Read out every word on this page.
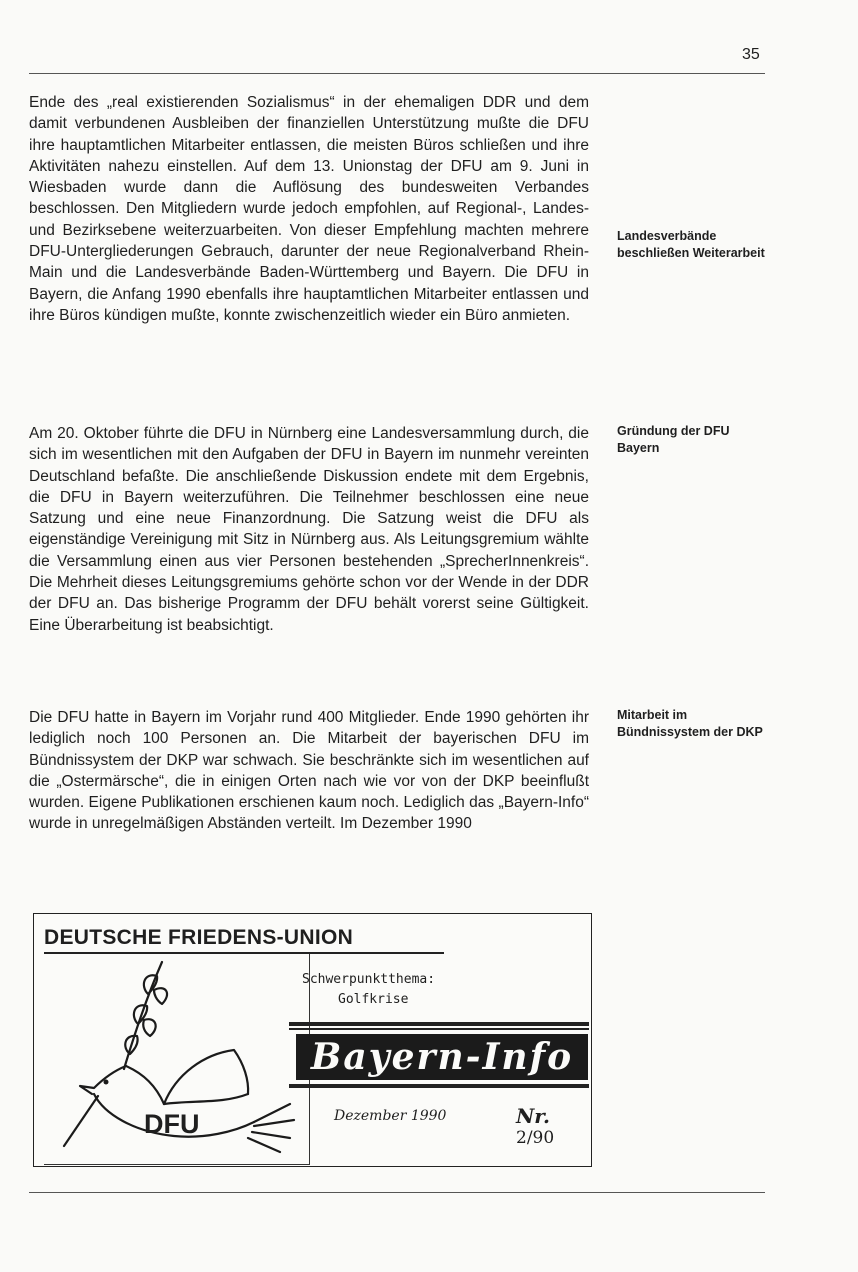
35

Ende des „real existierenden Sozialismus“ in der ehemaligen DDR und dem damit verbundenen Ausbleiben der finanziellen Unterstützung mußte die DFU ihre hauptamtlichen Mitarbeiter entlassen, die meisten Büros schließen und ihre Aktivitäten nahezu einstellen. Auf dem 13. Unionstag der DFU am 9. Juni in Wiesbaden wurde dann die Auflösung des bundesweiten Verbandes beschlossen. Den Mitgliedern wurde jedoch empfohlen, auf Regional-, Landes- und Bezirksebene weiterzuarbeiten. Von dieser Empfehlung machten mehrere DFU-Untergliederungen Gebrauch, darunter der neue Regionalverband Rhein-Main und die Landesverbände Baden-Württemberg und Bayern. Die DFU in Bayern, die Anfang 1990 ebenfalls ihre hauptamtlichen Mitarbeiter entlassen und ihre Büros kündigen mußte, konnte zwischenzeitlich wieder ein Büro anmieten.

Am 20. Oktober führte die DFU in Nürnberg eine Landesversammlung durch, die sich im wesentlichen mit den Aufgaben der DFU in Bayern im nunmehr vereinten Deutschland befaßte. Die anschließende Diskussion endete mit dem Ergebnis, die DFU in Bayern weiterzuführen. Die Teilnehmer beschlossen eine neue Satzung und eine neue Finanzordnung. Die Satzung weist die DFU als eigenständige Vereinigung mit Sitz in Nürnberg aus. Als Leitungsgremium wählte die Versammlung einen aus vier Personen bestehenden „SprecherInnenkreis“. Die Mehrheit dieses Leitungsgremiums gehörte schon vor der Wende in der DDR der DFU an. Das bisherige Programm der DFU behält vorerst seine Gültigkeit. Eine Überarbeitung ist beabsichtigt.

Die DFU hatte in Bayern im Vorjahr rund 400 Mitglieder. Ende 1990 gehörten ihr lediglich noch 100 Personen an. Die Mitarbeit der bayerischen DFU im Bündnissystem der DKP war schwach. Sie beschränkte sich im wesentlichen auf die „Ostermärsche“, die in einigen Orten nach wie vor von der DKP beeinflußt wurden. Eigene Publikationen erschienen kaum noch. Lediglich das „Bayern-Info“ wurde in unregelmäßigen Abständen verteilt. Im Dezember 1990

Landesverbände beschließen Weiterarbeit
Gründung der DFU Bayern
Mitarbeit im Bündnissystem der DKP
DEUTSCHE FRIEDENS-UNION
DFU
Schwerpunktthema:
Golfkrise
Bayern-Info
Dezember 1990	Nr. 2/90
